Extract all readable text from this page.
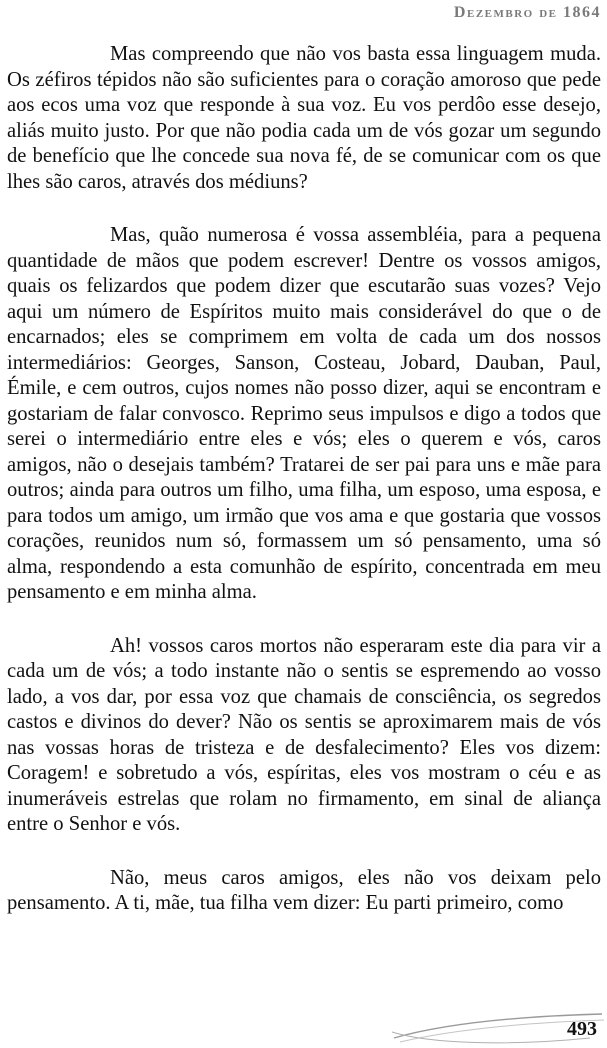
Dezembro de 1864

Mas compreendo que não vos basta essa linguagem muda. Os zéfiros tépidos não são suficientes para o coração amoroso que pede aos ecos uma voz que responde à sua voz. Eu vos perdôo esse desejo, aliás muito justo. Por que não podia cada um de vós gozar um segundo de benefício que lhe concede sua nova fé, de se comunicar com os que lhes são caros, através dos médiuns?

Mas, quão numerosa é vossa assembléia, para a pequena quantidade de mãos que podem escrever! Dentre os vossos amigos, quais os felizardos que podem dizer que escutarão suas vozes? Vejo aqui um número de Espíritos muito mais considerável do que o de encarnados; eles se comprimem em volta de cada um dos nossos intermediários: Georges, Sanson, Costeau, Jobard, Dauban, Paul, Émile, e cem outros, cujos nomes não posso dizer, aqui se encontram e gostariam de falar convosco. Reprimo seus impulsos e digo a todos que serei o intermediário entre eles e vós; eles o querem e vós, caros amigos, não o desejais também? Tratarei de ser pai para uns e mãe para outros; ainda para outros um filho, uma filha, um esposo, uma esposa, e para todos um amigo, um irmão que vos ama e que gostaria que vossos corações, reunidos num só, formassem um só pensamento, uma só alma, respondendo a esta comunhão de espírito, concentrada em meu pensamento e em minha alma.

Ah! vossos caros mortos não esperaram este dia para vir a cada um de vós; a todo instante não o sentis se espremendo ao vosso lado, a vos dar, por essa voz que chamais de consciência, os segredos castos e divinos do dever? Não os sentis se aproximarem mais de vós nas vossas horas de tristeza e de desfalecimento? Eles vos dizem: Coragem! e sobretudo a vós, espíritas, eles vos mostram o céu e as inumeráveis estrelas que rolam no firmamento, em sinal de aliança entre o Senhor e vós.

Não, meus caros amigos, eles não vos deixam pelo pensamento. A ti, mãe, tua filha vem dizer: Eu parti primeiro, como

493
